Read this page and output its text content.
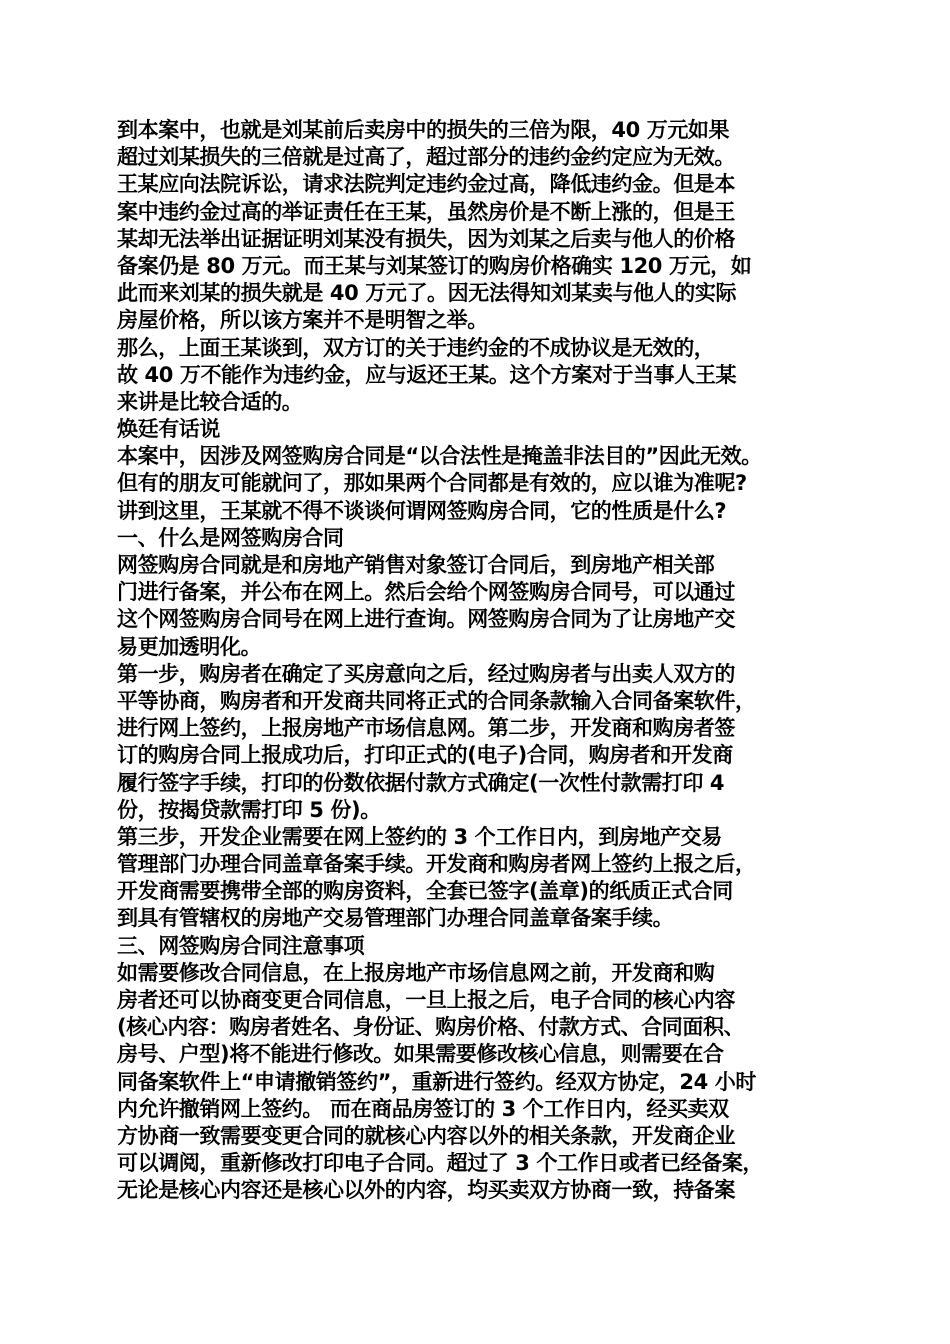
到本案中，也就是刘某前后卖房中的损失的三倍为限，40 万元如果
超过刘某损失的三倍就是过高了，超过部分的违约金约定应为无效。
王某应向法院诉讼，请求法院判定违约金过高，降低违约金。但是本
案中违约金过高的举证责任在王某，虽然房价是不断上涨的，但是王
某却无法举出证据证明刘某没有损失，因为刘某之后卖与他人的价格
备案仍是 80 万元。而王某与刘某签订的购房价格确实 120 万元，如
此而来刘某的损失就是 40 万元了。因无法得知刘某卖与他人的实际
房屋价格，所以该方案并不是明智之举。
那么，上面王某谈到，双方订的关于违约金的不成协议是无效的，
故 40 万不能作为违约金，应与返还王某。这个方案对于当事人王某
来讲是比较合适的。
焕廷有话说
本案中，因涉及网签购房合同是“以合法性是掩盖非法目的”因此无效。
但有的朋友可能就问了，那如果两个合同都是有效的，应以谁为准呢?
讲到这里，王某就不得不谈谈何谓网签购房合同，它的性质是什么?
一、什么是网签购房合同
网签购房合同就是和房地产销售对象签订合同后，到房地产相关部
门进行备案，并公布在网上。然后会给个网签购房合同号，可以通过
这个网签购房合同号在网上进行查询。网签购房合同为了让房地产交
易更加透明化。
第一步，购房者在确定了买房意向之后，经过购房者与出卖人双方的
平等协商，购房者和开发商共同将正式的合同条款输入合同备案软件，
进行网上签约，上报房地产市场信息网。第二步，开发商和购房者签
订的购房合同上报成功后，打印正式的(电子)合同，购房者和开发商
履行签字手续，打印的份数依据付款方式确定(一次性付款需打印 4
份，按揭贷款需打印 5 份)。
第三步，开发企业需要在网上签约的 3 个工作日内，到房地产交易
管理部门办理合同盖章备案手续。开发商和购房者网上签约上报之后，
开发商需要携带全部的购房资料，全套已签字(盖章)的纸质正式合同
到具有管辖权的房地产交易管理部门办理合同盖章备案手续。
三、网签购房合同注意事项
如需要修改合同信息，在上报房地产市场信息网之前，开发商和购
房者还可以协商变更合同信息，一旦上报之后，电子合同的核心内容
(核心内容：购房者姓名、身份证、购房价格、付款方式、合同面积、
房号、户型)将不能进行修改。如果需要修改核心信息，则需要在合
同备案软件上“申请撤销签约”，重新进行签约。经双方协定，24 小时
内允许撤销网上签约。 而在商品房签订的 3 个工作日内，经买卖双
方协商一致需要变更合同的就核心内容以外的相关条款，开发商企业
可以调阅，重新修改打印电子合同。超过了 3 个工作日或者已经备案，
无论是核心内容还是核心以外的内容，均买卖双方协商一致，持备案
